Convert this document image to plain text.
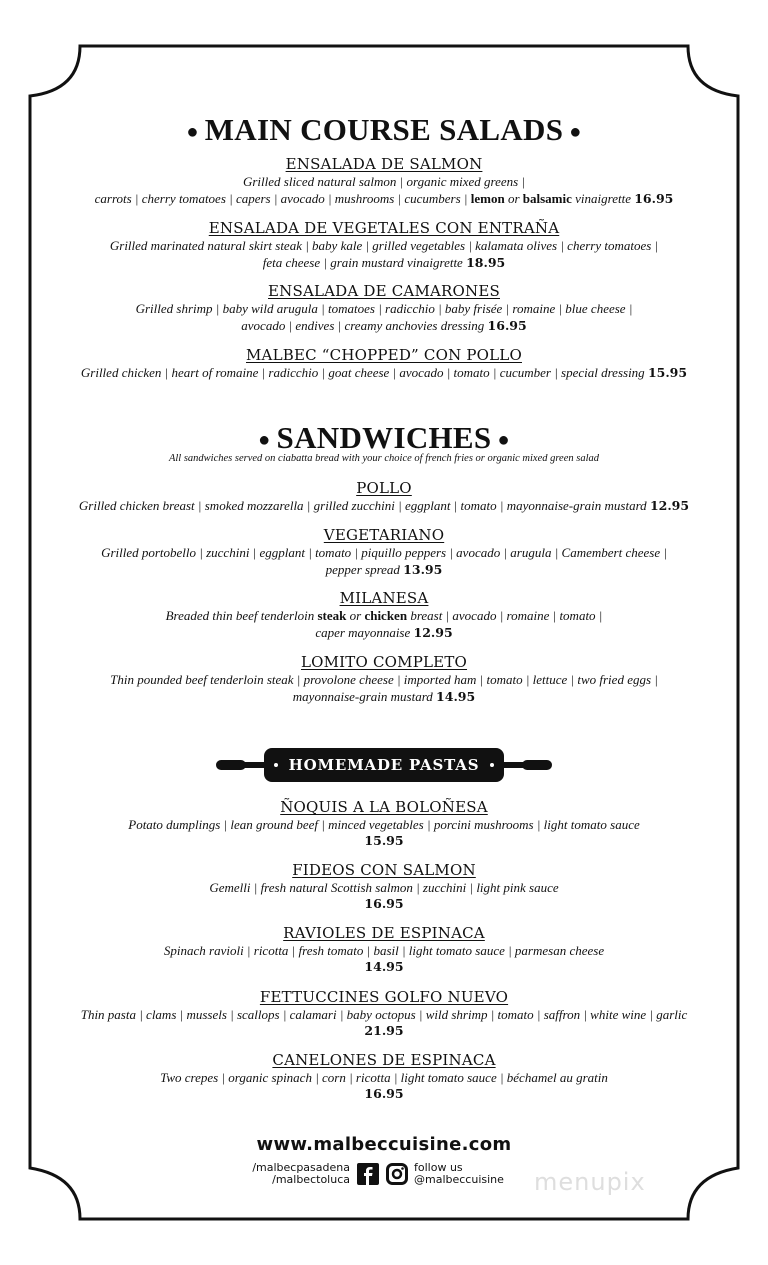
● MAIN COURSE SALADS ●
ENSALADA DE SALMON
Grilled sliced natural salmon | organic mixed greens |
carrots | cherry tomatoes | capers | avocado | mushrooms | cucumbers | lemon or balsamic vinaigrette 16.95
ENSALADA DE VEGETALES CON ENTRAÑA
Grilled marinated natural skirt steak | baby kale | grilled vegetables | kalamata olives | cherry tomatoes |
feta cheese | grain mustard vinaigrette 18.95
ENSALADA DE CAMARONES
Grilled shrimp | baby wild arugula | tomatoes | radicchio | baby frisée | romaine | blue cheese |
avocado | endives | creamy anchovies dressing 16.95
MALBEC “CHOPPED” CON POLLO
Grilled chicken | heart of romaine | radicchio | goat cheese | avocado | tomato | cucumber | special dressing 15.95
● SANDWICHES ●
All sandwiches served on ciabatta bread with your choice of french fries or organic mixed green salad
POLLO
Grilled chicken breast | smoked mozzarella | grilled zucchini | eggplant | tomato | mayonnaise-grain mustard 12.95
VEGETARIANO
Grilled portobello | zucchini | eggplant | tomato | piquillo peppers | avocado | arugula | Camembert cheese |
pepper spread 13.95
MILANESA
Breaded thin beef tenderloin steak or chicken breast | avocado | romaine | tomato |
caper mayonnaise 12.95
LOMITO COMPLETO
Thin pounded beef tenderloin steak | provolone cheese | imported ham | tomato | lettuce | two fried eggs |
mayonnaise-grain mustard 14.95
ÑOQUIS A LA BOLOÑESA
Potato dumplings | lean ground beef | minced vegetables | porcini mushrooms | light tomato sauce
15.95
FIDEOS CON SALMON
Gemelli | fresh natural Scottish salmon | zucchini | light pink sauce
16.95
RAVIOLES DE ESPINACA
Spinach ravioli | ricotta | fresh tomato | basil | light tomato sauce | parmesan cheese
14.95
FETTUCCINES GOLFO NUEVO
Thin pasta | clams | mussels | scallops | calamari | baby octopus | wild shrimp | tomato | saffron | white wine | garlic
21.95
CANELONES DE ESPINACA
Two crepes | organic spinach | corn | ricotta | light tomato sauce | béchamel au gratin
16.95
HOMEMADE PASTAS
www.malbeccuisine.com
/malbecpasadena
/malbectoluca
follow us
@malbeccuisine	menupix
